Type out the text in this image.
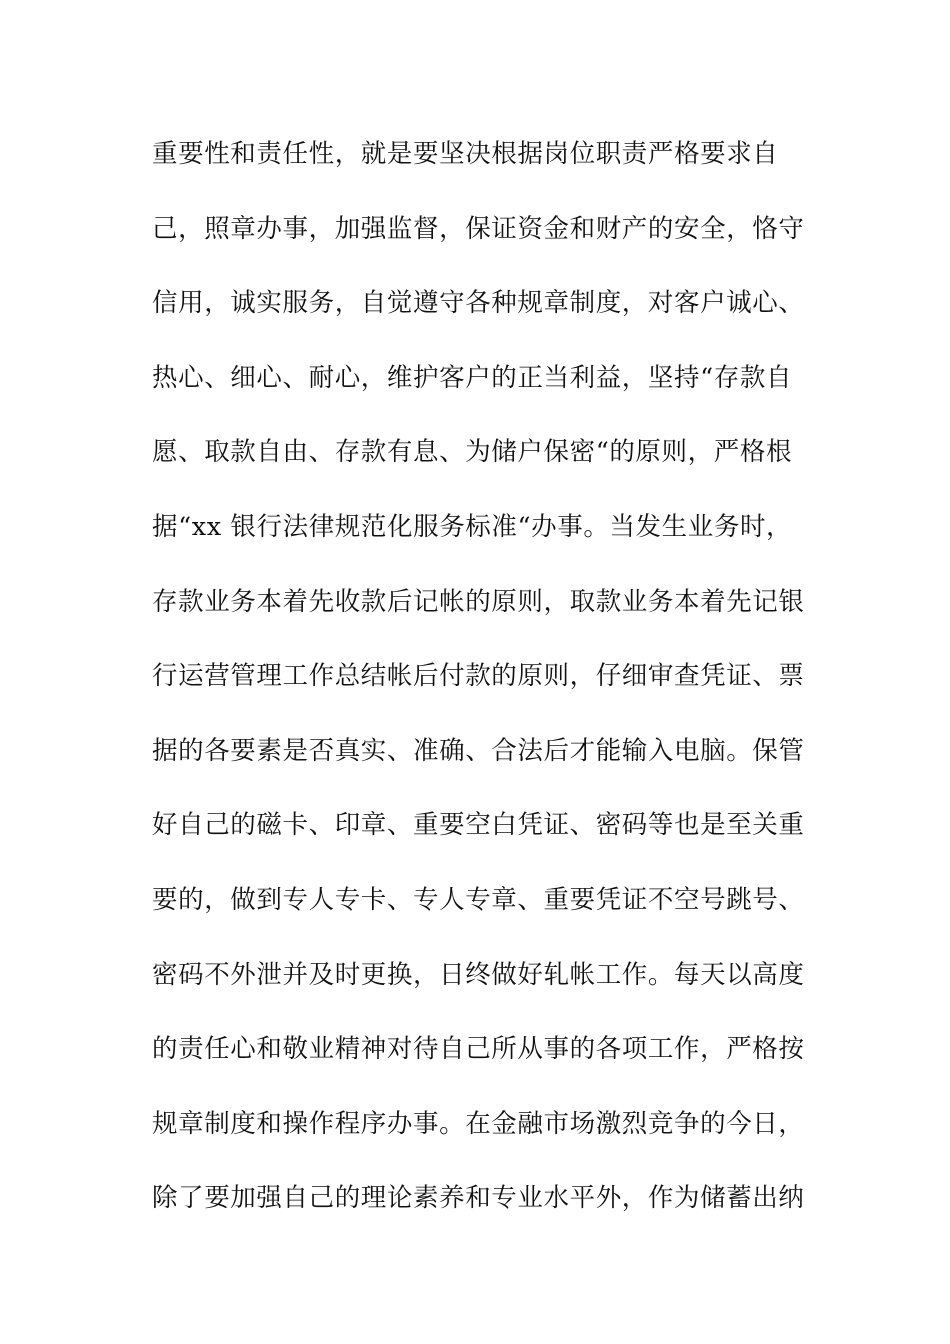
重要性和责任性，就是要坚决根据岗位职责严格要求自
己，照章办事，加强监督，保证资金和财产的安全，恪守
信用，诚实服务，自觉遵守各种规章制度，对客户诚心、
热心、细心、耐心，维护客户的正当利益，坚持“存款自
愿、取款自由、存款有息、为储户保密“的原则，严格根
据“xx 银行法律规范化服务标准“办事。当发生业务时，
存款业务本着先收款后记帐的原则，取款业务本着先记银
行运营管理工作总结帐后付款的原则，仔细审查凭证、票
据的各要素是否真实、准确、合法后才能输入电脑。保管
好自己的磁卡、印章、重要空白凭证、密码等也是至关重
要的，做到专人专卡、专人专章、重要凭证不空号跳号、
密码不外泄并及时更换，日终做好轧帐工作。每天以高度
的责任心和敬业精神对待自己所从事的各项工作，严格按
规章制度和操作程序办事。在金融市场激烈竞争的今日，
除了要加强自己的理论素养和专业水平外，作为储蓄出纳
